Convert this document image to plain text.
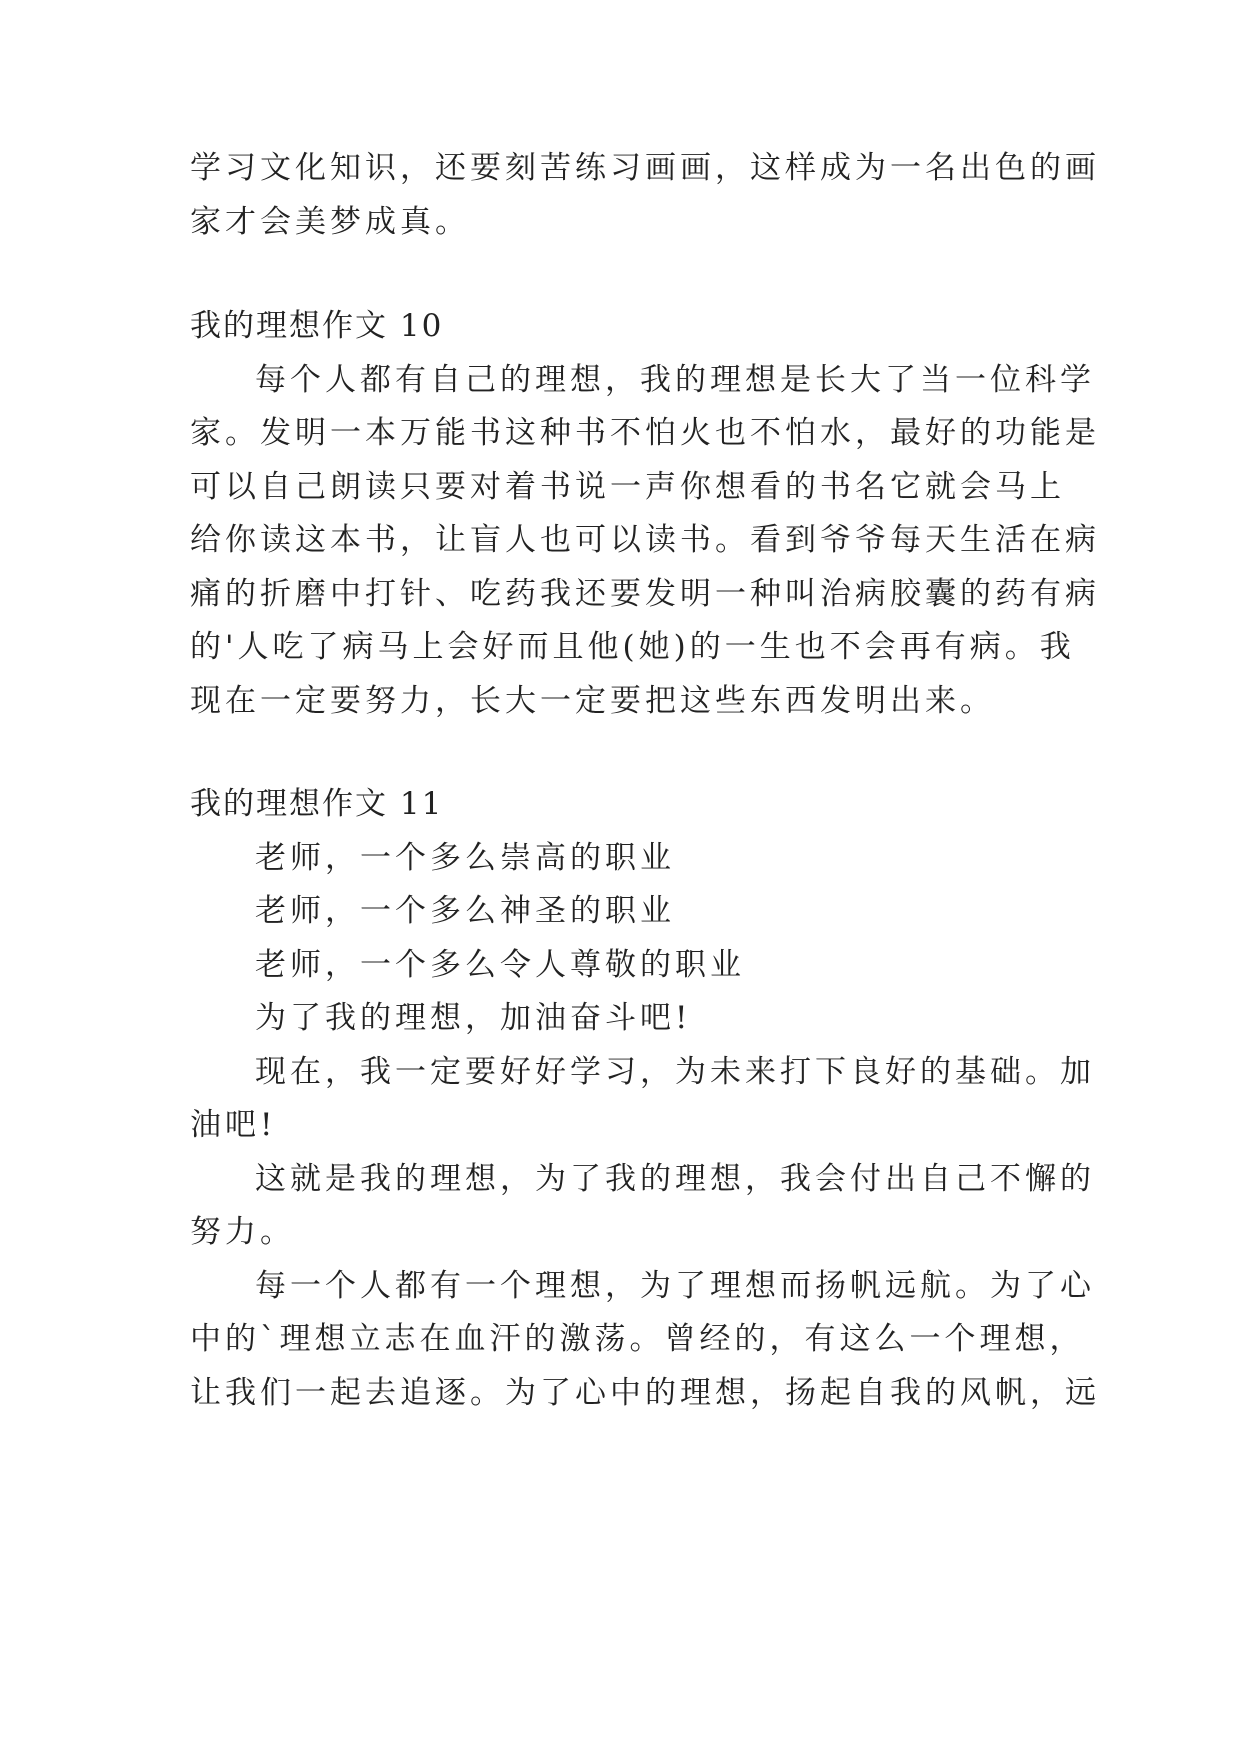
学习文化知识，还要刻苦练习画画，这样成为一名出色的画
家才会美梦成真。
我的理想作文 10
每个人都有自己的理想，我的理想是长大了当一位科学
家。发明一本万能书这种书不怕火也不怕水，最好的功能是
可以自己朗读只要对着书说一声你想看的书名它就会马上
给你读这本书，让盲人也可以读书。看到爷爷每天生活在病
痛的折磨中打针、吃药我还要发明一种叫治病胶囊的药有病
的'人吃了病马上会好而且他(她)的一生也不会再有病。我
现在一定要努力，长大一定要把这些东西发明出来。
我的理想作文 11
老师，一个多么崇高的职业
老师，一个多么神圣的职业
老师，一个多么令人尊敬的职业
为了我的理想，加油奋斗吧!
现在，我一定要好好学习，为未来打下良好的基础。加
油吧!
这就是我的理想，为了我的理想，我会付出自己不懈的
努力。
每一个人都有一个理想，为了理想而扬帆远航。为了心
中的`理想立志在血汗的激荡。曾经的，有这么一个理想，
让我们一起去追逐。为了心中的理想，扬起自我的风帆，远
